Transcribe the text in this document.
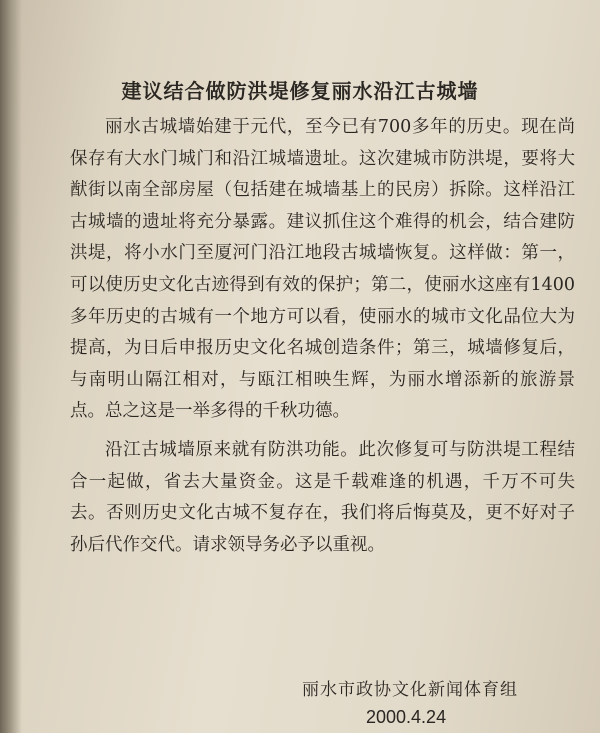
建议结合做防洪堤修复丽水沿江古城墙

丽水古城墙始建于元代，至今已有700多年的历史。现在尚保存有大水门城门和沿江城墙遗址。这次建城市防洪堤，要将大猷街以南全部房屋（包括建在城墙基上的民房）拆除。这样沿江古城墙的遗址将充分暴露。建议抓住这个难得的机会，结合建防洪堤，将小水门至厦河门沿江地段古城墙恢复。这样做：第一，可以使历史文化古迹得到有效的保护；第二，使丽水这座有1400多年历史的古城有一个地方可以看，使丽水的城市文化品位大为提高，为日后申报历史文化名城创造条件；第三，城墙修复后，与南明山隔江相对，与瓯江相映生辉，为丽水增添新的旅游景点。总之这是一举多得的千秋功德。

沿江古城墙原来就有防洪功能。此次修复可与防洪堤工程结合一起做，省去大量资金。这是千载难逢的机遇，千万不可失去。否则历史文化古城不复存在，我们将后悔莫及，更不好对子孙后代作交代。请求领导务必予以重视。

丽水市政协文化新闻体育组
2000.4.24
